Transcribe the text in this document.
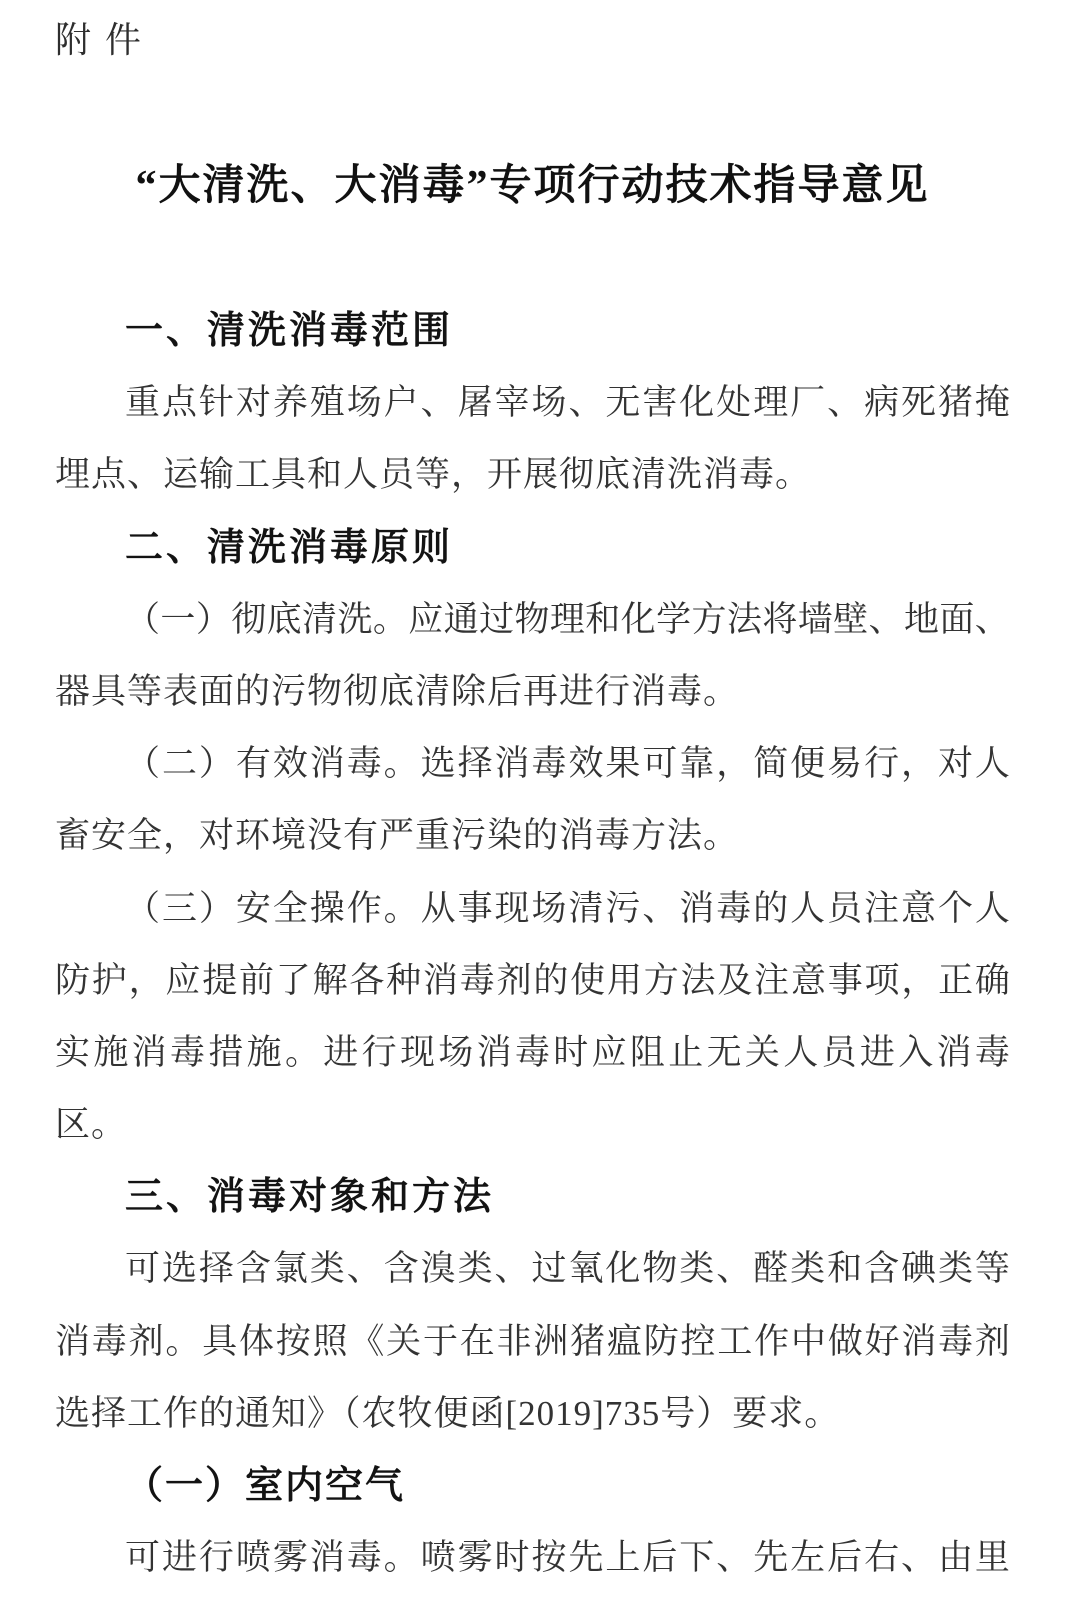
附件
“大清洗、大消毒”专项行动技术指导意见
一、清洗消毒范围
重 点 针 对 养 殖 场 户 、 屠 宰 场 、 无 害 化 处 理 厂 、 病 死 猪 掩
埋点、运输工具和人员等，开展彻底清洗消毒。
二、清洗消毒原则
（ 一 ） 彻 底 清 洗 。 应 通 过 物 理 和 化 学 方 法 将 墙 壁 、 地 面 、
器具等表面的污物彻底清除后再进行消毒。
（ 二 ） 有 效 消 毒 。 选 择 消 毒 效 果 可 靠 ， 简 便 易 行 ， 对 人
畜安全，对环境没有严重污染的消毒方法。
（ 三 ） 安 全 操 作 。 从 事 现 场 清 污 、 消 毒 的 人 员 注 意 个 人
防 护 ， 应 提 前 了 解 各 种 消 毒 剂 的 使 用 方 法 及 注 意 事 项 ， 正 确
实 施 消 毒 措 施 。 进 行 现 场 消 毒 时 应 阻 止 无 关 人 员 进 入 消 毒
区。
三、消毒对象和方法
可 选 择 含 氯 类 、 含 溴 类 、 过 氧 化 物 类 、 醛 类 和 含 碘 类 等
消 毒 剂 。 具 体 按 照 《 关 于 在 非 洲 猪 瘟 防 控 工 作 中 做 好 消 毒 剂
选择工作的通知》（农牧便函[2019]735号）要求。
（一）室内空气
可 进 行 喷 雾 消 毒 。 喷 雾 时 按 先 上 后 下 、 先 左 后 右 、 由 里
